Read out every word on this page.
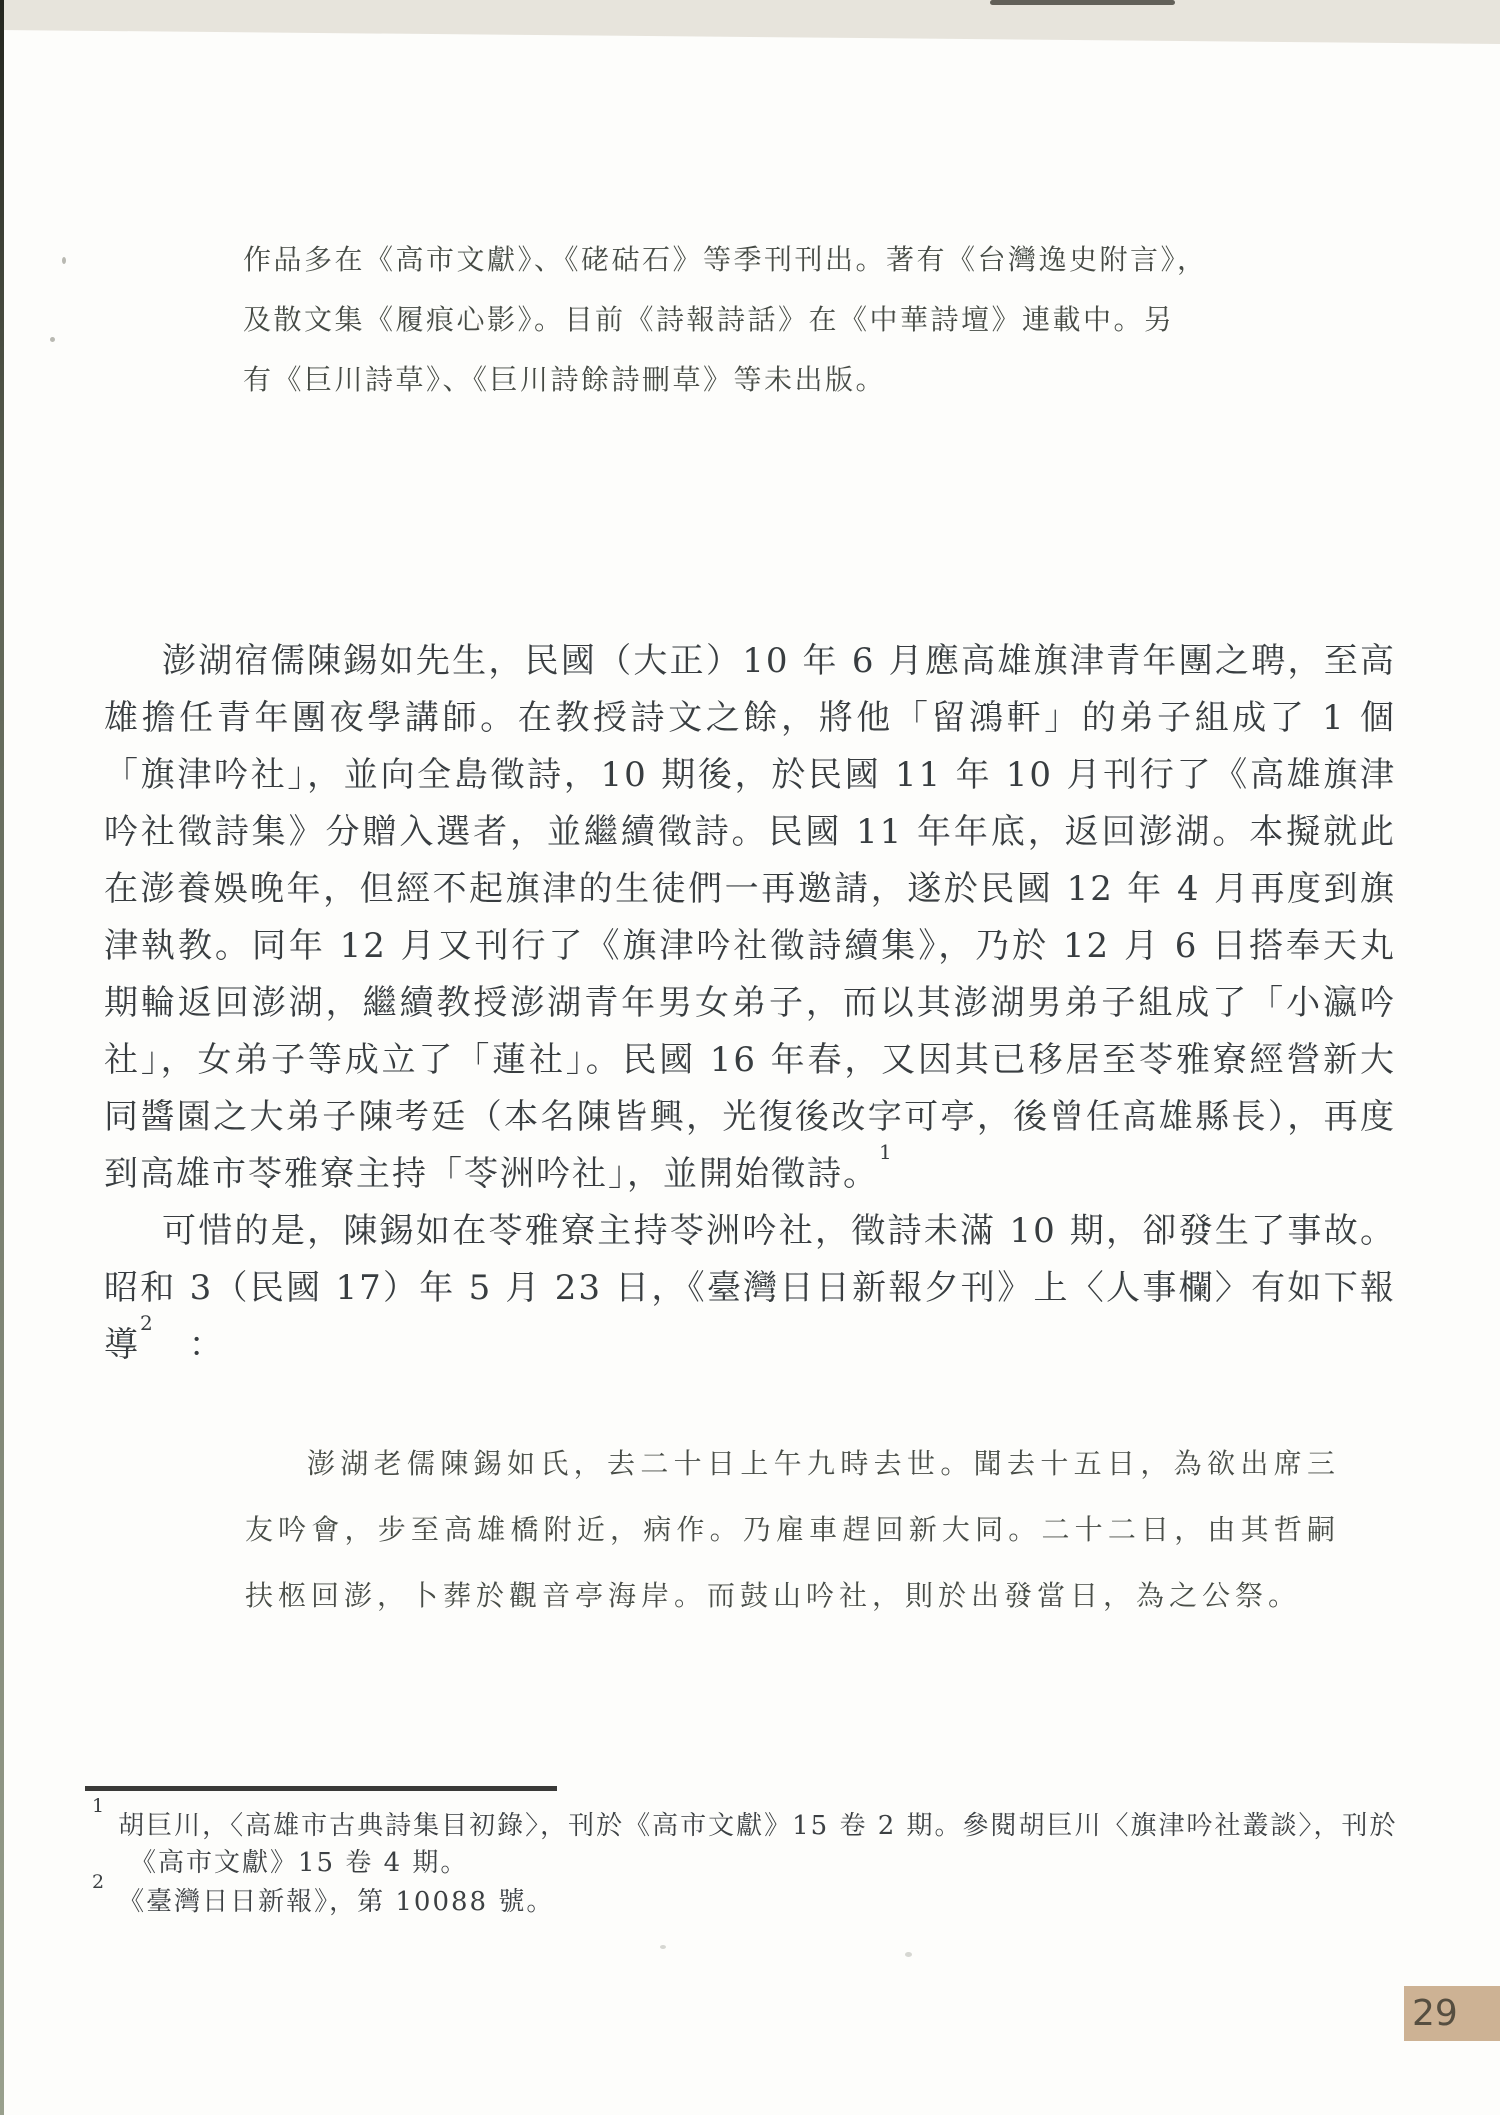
作品多在《高市文獻》、《硓𥑮石》等季刊刊出。著有《台灣逸史附言》，
及散文集《履痕心影》。目前《詩報詩話》在《中華詩壇》連載中。另
有《巨川詩草》、《巨川詩餘詩刪草》等未出版。

澎湖宿儒陳錫如先生，民國（大正）10 年 6 月應高雄旗津青年團之聘，至高雄擔任青年團夜學講師。在教授詩文之餘，將他「留鴻軒」的弟子組成了 1 個「旗津吟社」，並向全島徵詩，10 期後，於民國 11 年 10 月刊行了《高雄旗津吟社徵詩集》分贈入選者，並繼續徵詩。民國 11 年年底，返回澎湖。本擬就此在澎養娛晚年，但經不起旗津的生徒們一再邀請，遂於民國 12 年 4 月再度到旗津執教。同年 12 月又刊行了《旗津吟社徵詩續集》，乃於 12 月 6 日搭奉天丸期輪返回澎湖，繼續教授澎湖青年男女弟子，而以其澎湖男弟子組成了「小瀛吟社」，女弟子等成立了「蓮社」。民國 16 年春，又因其已移居至苓雅寮經營新大同醬園之大弟子陳考廷（本名陳皆興，光復後改字可亭，後曾任高雄縣長），再度到高雄市苓雅寮主持「苓洲吟社」，並開始徵詩。$^1$

可惜的是，陳錫如在苓雅寮主持苓洲吟社，徵詩未滿 10 期，卻發生了事故。昭和 3（民國 17）年 5 月 23 日，《臺灣日日新報夕刊》上〈人事欄〉有如下報導$^2$　：

澎湖老儒陳錫如氏，去二十日上午九時去世。聞去十五日，為欲出席三友吟會，步至高雄橋附近，病作。乃雇車趕回新大同。二十二日，由其哲嗣扶柩回澎，卜葬於觀音亭海岸。而鼓山吟社，則於出發當日，為之公祭。

$^1$胡巨川，〈高雄市古典詩集目初錄〉，刊於《高市文獻》15 卷 2 期。參閱胡巨川〈旗津吟社叢談〉，刊於《高市文獻》15 卷 4 期。
$^2$《臺灣日日新報》，第 10088 號。
29
